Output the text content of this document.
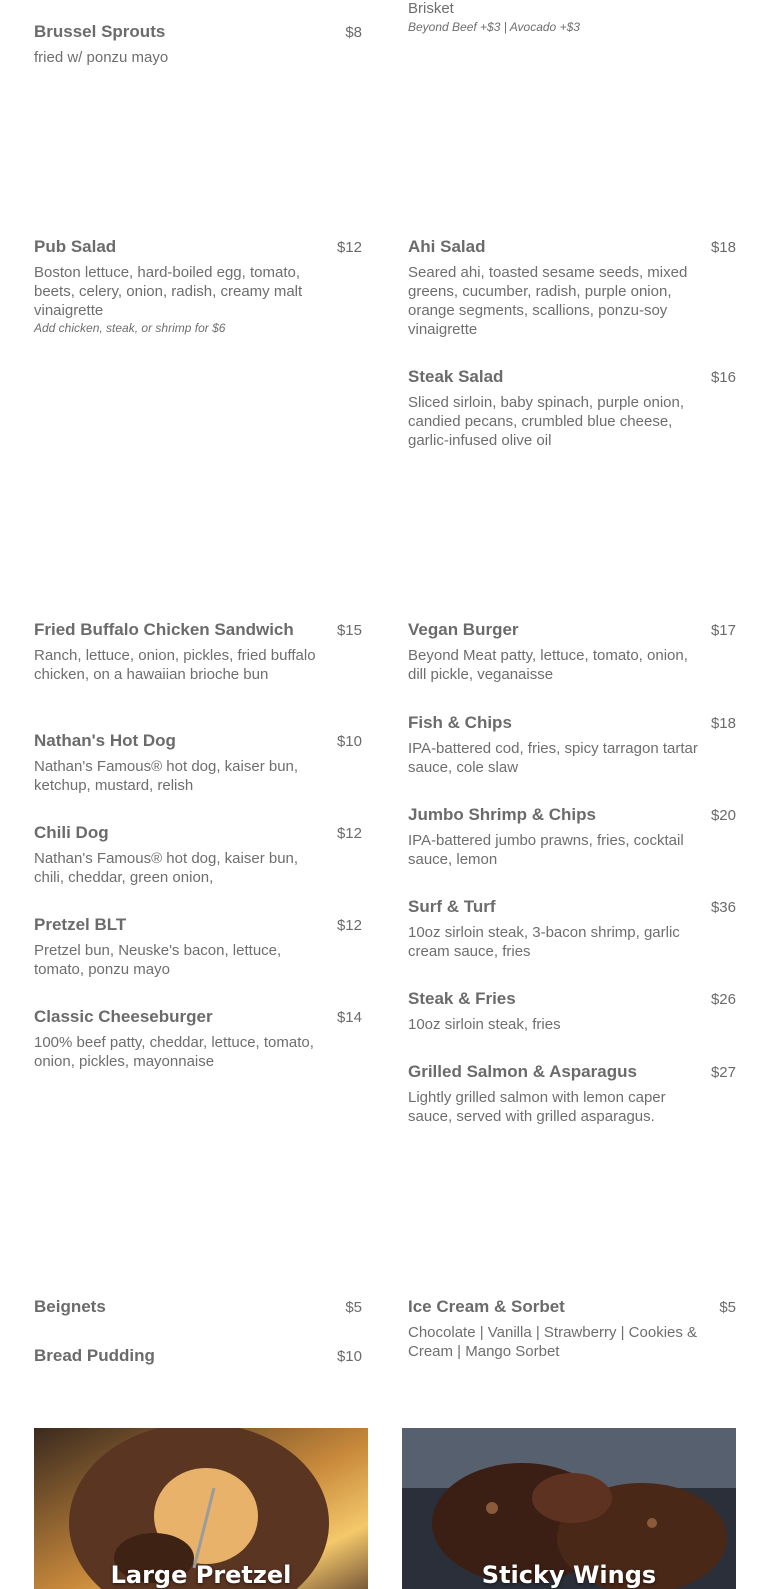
Brisket
Beyond Beef +$3 | Avocado +$3
Brussel Sprouts	$8
fried w/ ponzu mayo
Pub Salad	$12
Boston lettuce, hard-boiled egg, tomato, beets, celery, onion, radish, creamy malt vinaigrette
Add chicken, steak, or shrimp for $6
Ahi Salad	$18
Seared ahi, toasted sesame seeds, mixed greens, cucumber, radish, purple onion, orange segments, scallions, ponzu-soy vinaigrette
Steak Salad	$16
Sliced sirloin, baby spinach, purple onion, candied pecans, crumbled blue cheese, garlic-infused olive oil
Fried Buffalo Chicken Sandwich	$15
Ranch, lettuce, onion, pickles, fried buffalo chicken, on a hawaiian brioche bun
Nathan's Hot Dog	$10
Nathan's Famous® hot dog, kaiser bun, ketchup, mustard, relish
Chili Dog	$12
Nathan's Famous® hot dog, kaiser bun, chili, cheddar, green onion,
Pretzel BLT	$12
Pretzel bun, Neuske's bacon, lettuce, tomato, ponzu mayo
Classic Cheeseburger	$14
100% beef patty, cheddar, lettuce, tomato, onion, pickles, mayonnaise
Vegan Burger	$17
Beyond Meat patty, lettuce, tomato, onion, dill pickle, veganaisse
Fish & Chips	$18
IPA-battered cod, fries, spicy tarragon tartar sauce, cole slaw
Jumbo Shrimp & Chips	$20
IPA-battered jumbo prawns, fries, cocktail sauce, lemon
Surf & Turf	$36
10oz sirloin steak, 3-bacon shrimp, garlic cream sauce, fries
Steak & Fries	$26
10oz sirloin steak, fries
Grilled Salmon & Asparagus	$27
Lightly grilled salmon with lemon caper sauce, served with grilled asparagus.
Beignets	$5
Bread Pudding	$10
Ice Cream & Sorbet	$5
Chocolate | Vanilla | Strawberry | Cookies & Cream | Mango Sorbet
Large Pretzel	Sticky Wings
